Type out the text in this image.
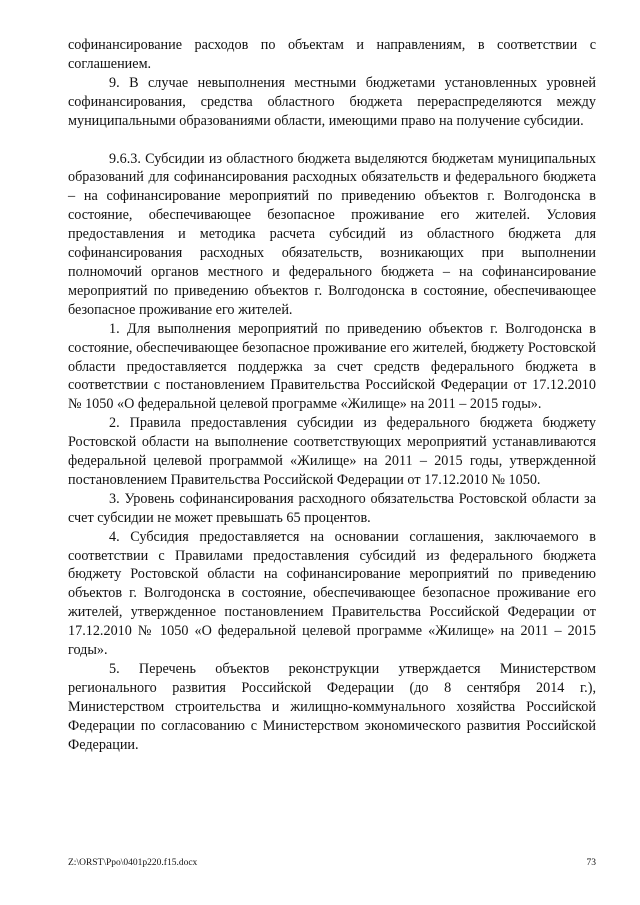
софинансирование расходов по объектам и направлениям, в соответствии с соглашением.

9. В случае невыполнения местными бюджетами установленных уровней софинансирования, средства областного бюджета перераспределяются между муниципальными образованиями области, имеющими право на получение субсидии.

9.6.3. Субсидии из областного бюджета выделяются бюджетам муниципальных образований для софинансирования расходных обязательств и федерального бюджета – на софинансирование мероприятий по приведению объектов г. Волгодонска в состояние, обеспечивающее безопасное проживание его жителей. Условия предоставления и методика расчета субсидий из областного бюджета для софинансирования расходных обязательств, возникающих при выполнении полномочий органов местного и федерального бюджета – на софинансирование мероприятий по приведению объектов г. Волгодонска в состояние, обеспечивающее безопасное проживание его жителей.

1. Для выполнения мероприятий по приведению объектов г. Волгодонска в состояние, обеспечивающее безопасное проживание его жителей, бюджету Ростовской области предоставляется поддержка за счет средств федерального бюджета в соответствии с постановлением Правительства Российской Федерации от 17.12.2010 № 1050 «О федеральной целевой программе «Жилище» на 2011 – 2015 годы».

2. Правила предоставления субсидии из федерального бюджета бюджету Ростовской области на выполнение соответствующих мероприятий устанавливаются федеральной целевой программой «Жилище» на 2011 – 2015 годы, утвержденной постановлением Правительства Российской Федерации от 17.12.2010 № 1050.

3. Уровень софинансирования расходного обязательства Ростовской области за счет субсидии не может превышать 65 процентов.

4. Субсидия предоставляется на основании соглашения, заключаемого в соответствии с Правилами предоставления субсидий из федерального бюджета бюджету Ростовской области на софинансирование мероприятий по приведению объектов г. Волгодонска в состояние, обеспечивающее безопасное проживание его жителей, утвержденное постановлением Правительства Российской Федерации от 17.12.2010 № 1050 «О федеральной целевой программе «Жилище» на 2011 – 2015 годы».

5. Перечень объектов реконструкции утверждается Министерством регионального развития Российской Федерации (до 8 сентября 2014 г.), Министерством строительства и жилищно-коммунального хозяйства Российской Федерации по согласованию с Министерством экономического развития Российской Федерации.

Z:\ORST\Ppo\0401p220.f15.docx	73
